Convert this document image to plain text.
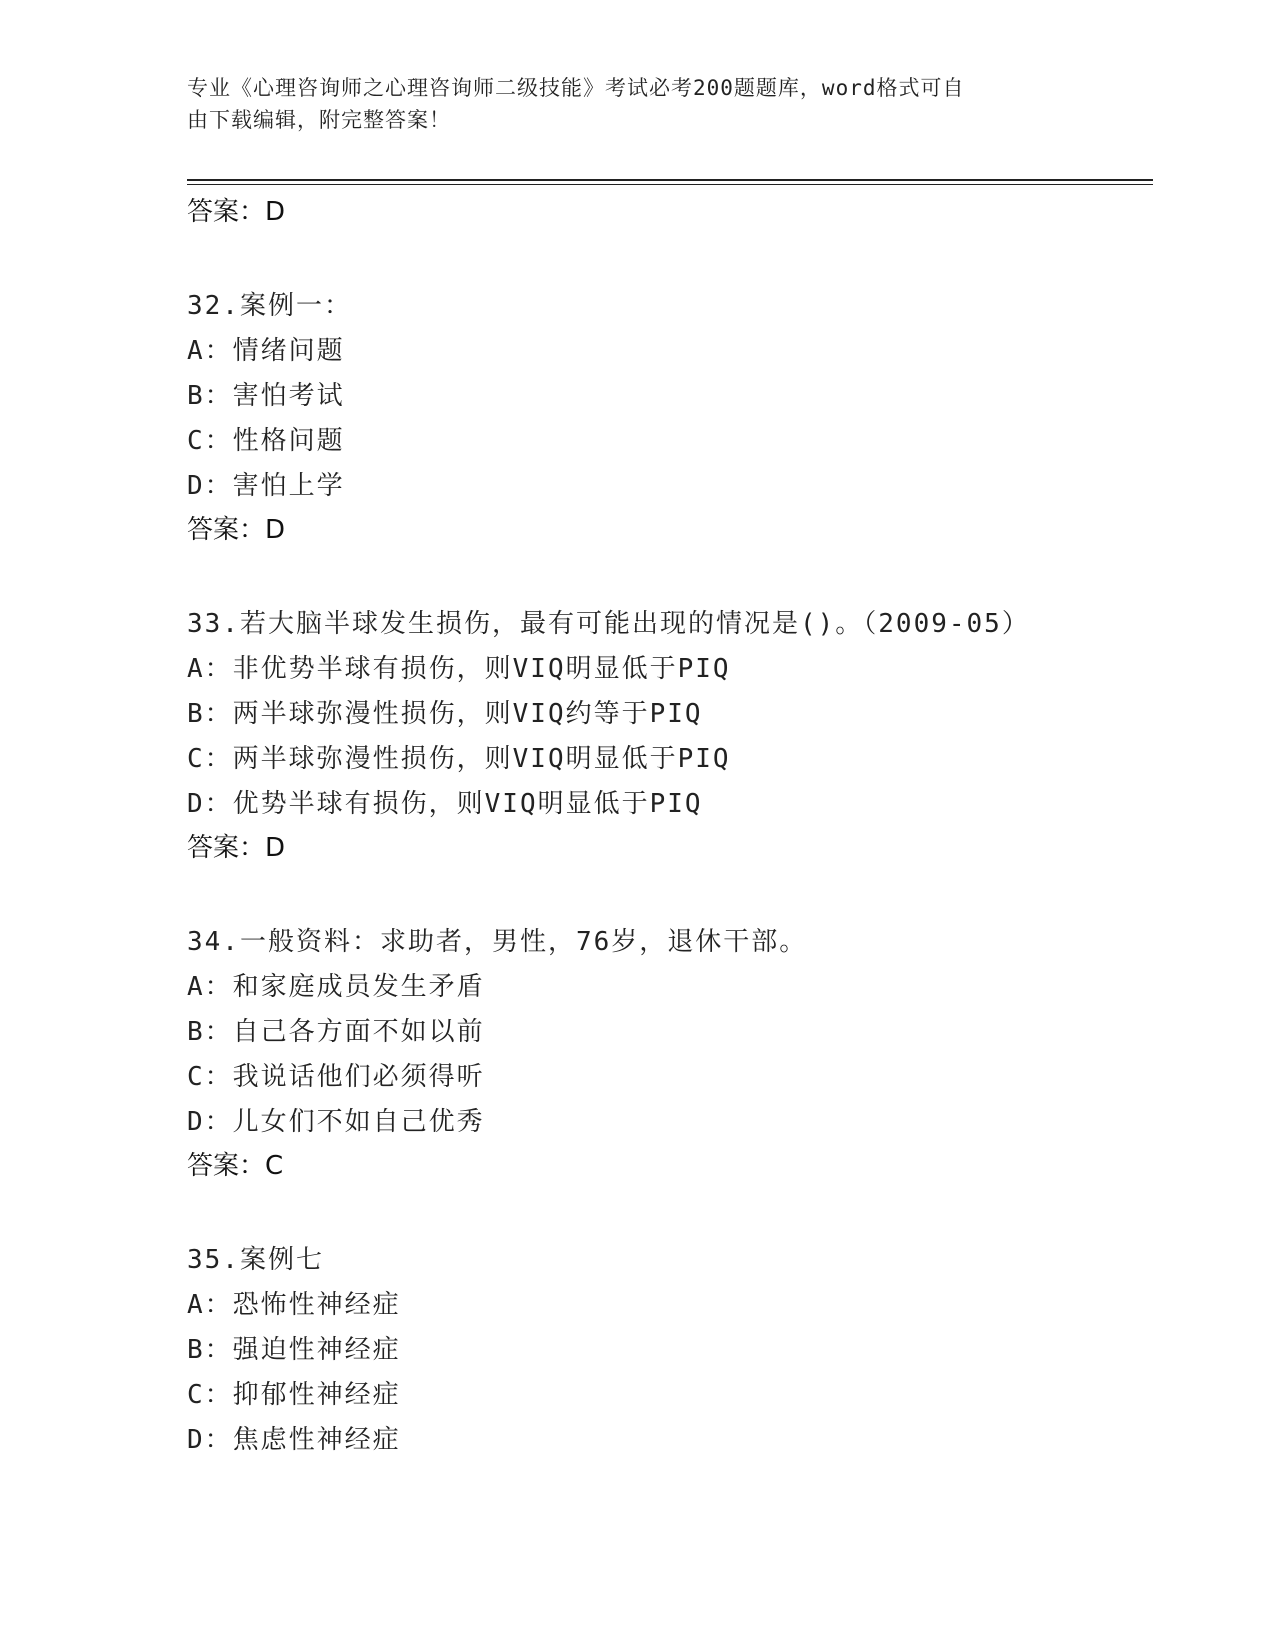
专业《心理咨询师之心理咨询师二级技能》考试必考200题题库，word格式可自
由下载编辑，附完整答案！
答案：D
32.案例一：
A：情绪问题
B：害怕考试
C：性格问题
D：害怕上学
答案：D
33.若大脑半球发生损伤，最有可能出现的情况是()。（2009-05）
A：非优势半球有损伤，则VIQ明显低于PIQ
B：两半球弥漫性损伤，则VIQ约等于PIQ
C：两半球弥漫性损伤，则VIQ明显低于PIQ
D：优势半球有损伤，则VIQ明显低于PIQ
答案：D
34.一般资料：求助者，男性，76岁，退休干部。
A：和家庭成员发生矛盾
B：自己各方面不如以前
C：我说话他们必须得听
D：儿女们不如自己优秀
答案：C
35.案例七
A：恐怖性神经症
B：强迫性神经症
C：抑郁性神经症
D：焦虑性神经症
